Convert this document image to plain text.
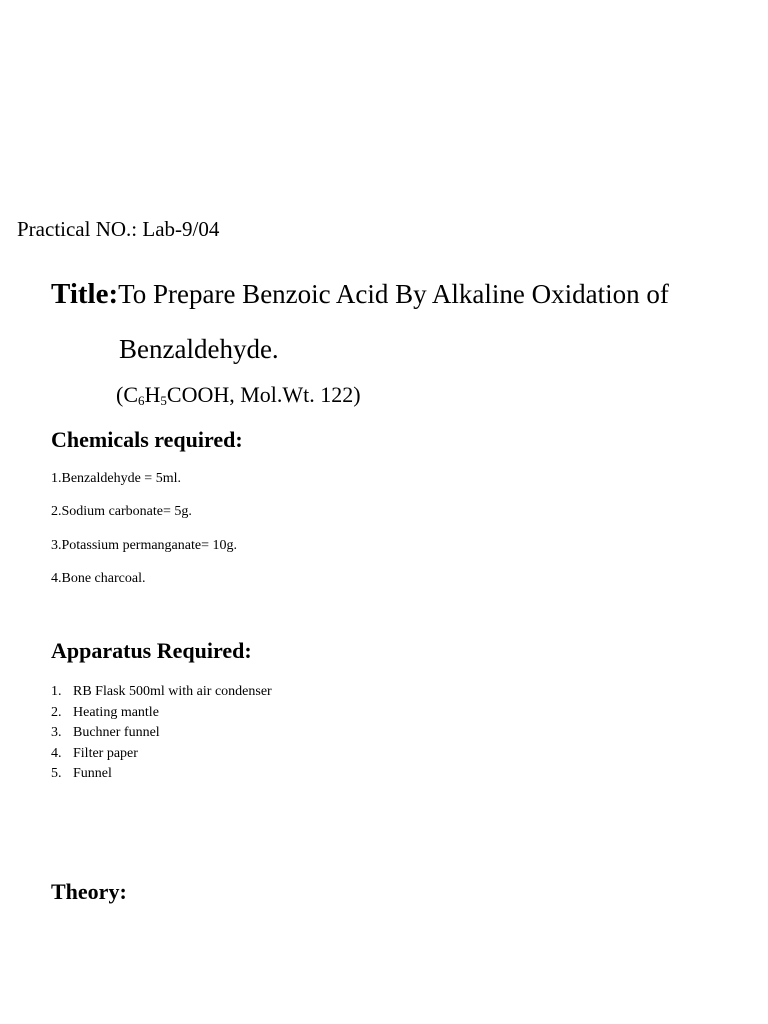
Practical NO.: Lab-9/04
Title:To Prepare Benzoic Acid By Alkaline Oxidation of
Benzaldehyde.
($C_6H_5COOH$, Mol.Wt. 122)
Chemicals required:
1.Benzaldehyde = 5ml.
2.Sodium carbonate= 5g.
3.Potassium permanganate= 10g.
4.Bone charcoal.
Apparatus Required:
1. RB Flask 500ml with air condenser
2. Heating mantle
3. Buchner funnel
4. Filter paper
5. Funnel
Theory:
